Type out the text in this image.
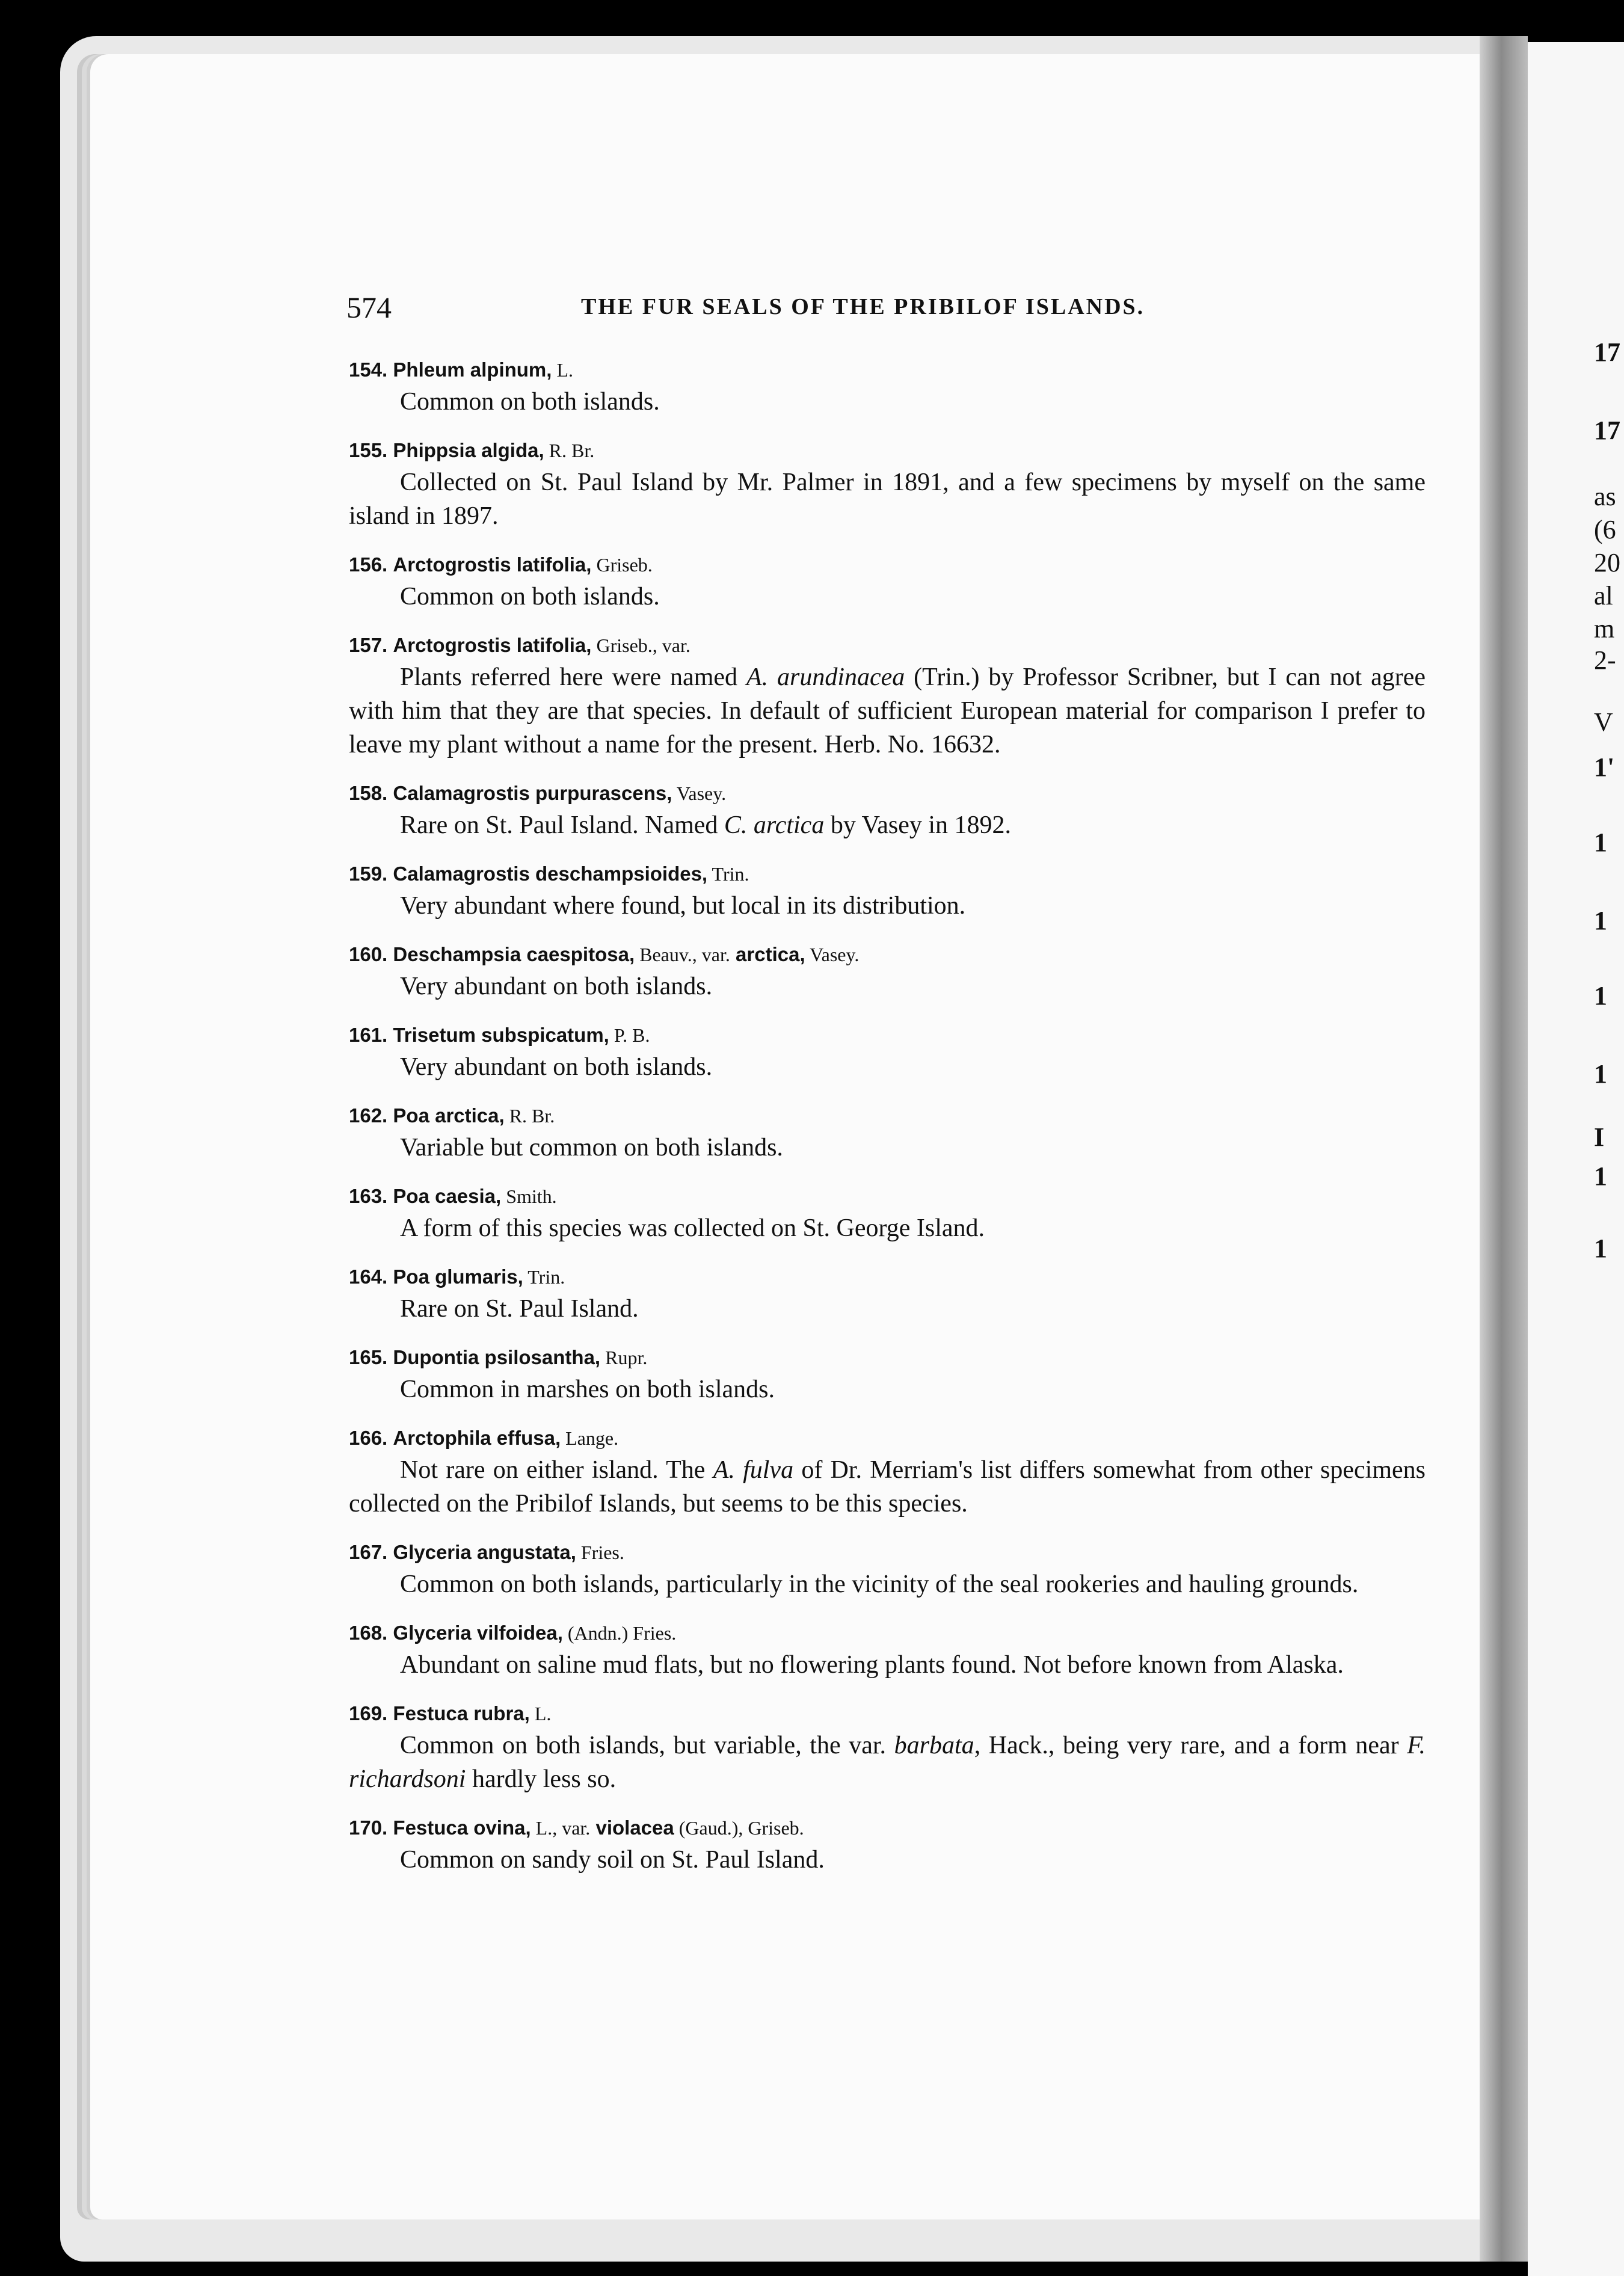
17
17
as
(6
20
al
m
2-
V
1'
1
1
1
1
I
1
1
574	THE FUR SEALS OF THE PRIBILOF ISLANDS.
154. Phleum alpinum, L.
Common on both islands.
155. Phippsia algida, R. Br.
Collected on St. Paul Island by Mr. Palmer in 1891, and a few specimens by myself on the same island in 1897.
156. Arctogrostis latifolia, Griseb.
Common on both islands.
157. Arctogrostis latifolia, Griseb., var.
Plants referred here were named A. arundinacea (Trin.) by Professor Scribner, but I can not agree with him that they are that species. In default of sufficient European material for comparison I prefer to leave my plant without a name for the present. Herb. No. 16632.
158. Calamagrostis purpurascens, Vasey.
Rare on St. Paul Island. Named C. arctica by Vasey in 1892.
159. Calamagrostis deschampsioides, Trin.
Very abundant where found, but local in its distribution.
160. Deschampsia caespitosa, Beauv., var. arctica, Vasey.
Very abundant on both islands.
161. Trisetum subspicatum, P. B.
Very abundant on both islands.
162. Poa arctica, R. Br.
Variable but common on both islands.
163. Poa caesia, Smith.
A form of this species was collected on St. George Island.
164. Poa glumaris, Trin.
Rare on St. Paul Island.
165. Dupontia psilosantha, Rupr.
Common in marshes on both islands.
166. Arctophila effusa, Lange.
Not rare on either island. The A. fulva of Dr. Merriam's list differs somewhat from other specimens collected on the Pribilof Islands, but seems to be this species.
167. Glyceria angustata, Fries.
Common on both islands, particularly in the vicinity of the seal rookeries and hauling grounds.
168. Glyceria vilfoidea, (Andn.) Fries.
Abundant on saline mud flats, but no flowering plants found. Not before known from Alaska.
169. Festuca rubra, L.
Common on both islands, but variable, the var. barbata, Hack., being very rare, and a form near F. richardsoni hardly less so.
170. Festuca ovina, L., var. violacea (Gaud.), Griseb.
Common on sandy soil on St. Paul Island.
